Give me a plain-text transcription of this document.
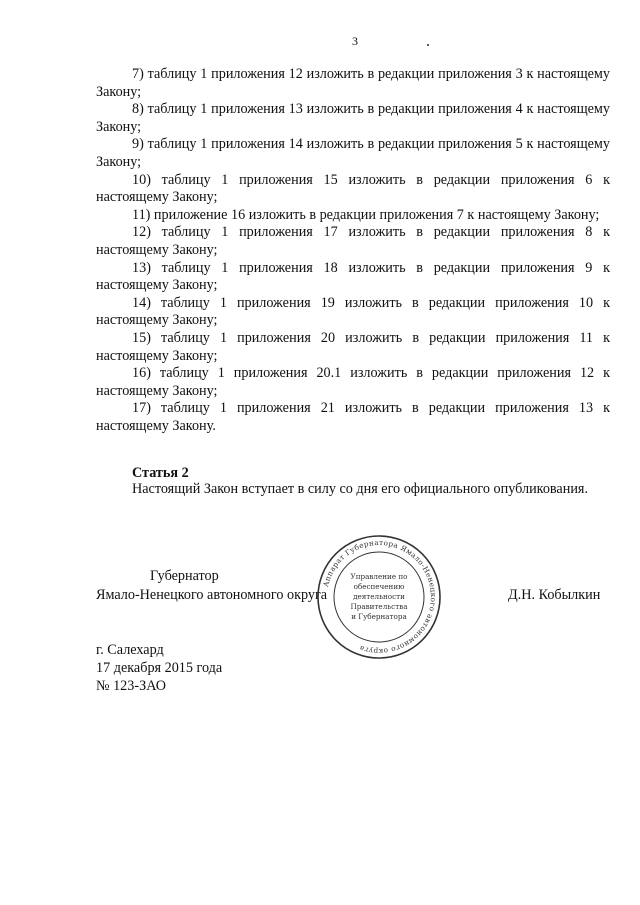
3

7) таблицу 1 приложения 12 изложить в редакции приложения 3 к настоящему Закону;

8) таблицу 1 приложения 13 изложить в редакции приложения 4 к настоящему Закону;

9) таблицу 1 приложения 14 изложить в редакции приложения 5 к настоящему Закону;

10) таблицу 1 приложения 15 изложить в редакции приложения 6 к настоящему Закону;

11) приложение 16 изложить в редакции приложения 7 к настоящему Закону;

12) таблицу 1 приложения 17 изложить в редакции приложения 8 к настоящему Закону;

13) таблицу 1 приложения 18 изложить в редакции приложения 9 к настоящему Закону;

14) таблицу 1 приложения 19 изложить в редакции приложения 10 к настоящему Закону;

15) таблицу 1 приложения 20 изложить в редакции приложения 11 к настоящему Закону;

16) таблицу 1 приложения 20.1 изложить в редакции приложения 12 к настоящему Закону;

17) таблицу 1 приложения 21 изложить в редакции приложения 13 к настоящему Закону.

Статья 2

Настоящий Закон вступает в силу со дня его официального опубликования.

Губернатор
Ямало-Ненецкого автономного округа	Д.Н. Кобылкин
Аппарат Губернатора Ямало-Ненецкого автономного округа
Управление по
обеспечению
деятельности
Правительства
и Губернатора
г. Салехард
17 декабря 2015 года
№ 123-ЗАО
